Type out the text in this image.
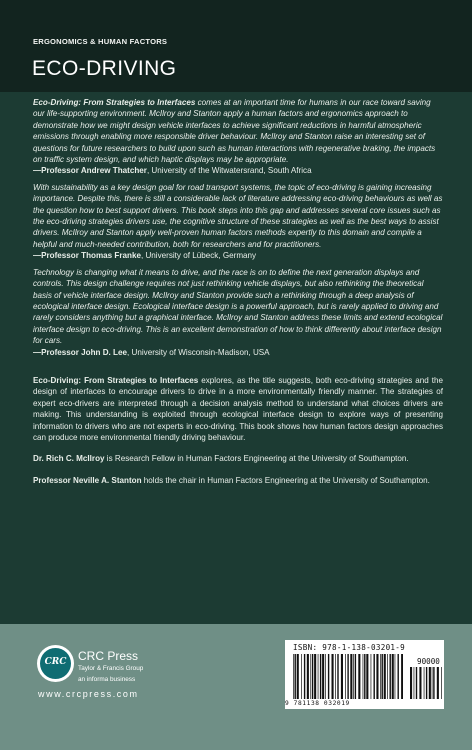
ERGONOMICS & HUMAN FACTORS
ECO-DRIVING

Eco-Driving: From Strategies to Interfaces comes at an important time for humans in our race toward saving our life-supporting environment. McIlroy and Stanton apply a human factors and ergonomics approach to demonstrate how we might design vehicle interfaces to achieve significant reductions in harmful atmospheric emissions through enabling more responsible driver behaviour. McIlroy and Stanton raise an interesting set of questions for future researchers to build upon such as human interactions with regenerative braking, the impacts on traffic system design, and which haptic displays may be appropriate.

—Professor Andrew Thatcher, University of the Witwatersrand, South Africa

With sustainability as a key design goal for road transport systems, the topic of eco-driving is gaining increasing importance. Despite this, there is still a considerable lack of literature addressing eco-driving behaviours as well as the question how to best support drivers. This book steps into this gap and addresses several core issues such as the eco-driving strategies drivers use, the cognitive structure of these strategies as well as the best ways to assist drivers. McIlroy and Stanton apply well-proven human factors methods expertly to this domain and compile a helpful and much-needed contribution, both for researchers and for practitioners.

—Professor Thomas Franke, University of Lübeck, Germany

Technology is changing what it means to drive, and the race is on to define the next generation displays and controls. This design challenge requires not just rethinking vehicle displays, but also rethinking the theoretical basis of vehicle interface design. McIlroy and Stanton provide such a rethinking through a deep analysis of ecological interface design. Ecological interface design is a powerful approach, but is rarely applied to driving and rarely considers anything but a graphical interface. McIlroy and Stanton address these limits and extend ecological interface design to eco-driving. This is an excellent demonstration of how to think differently about interface design for cars.

—Professor John D. Lee, University of Wisconsin-Madison, USA

Eco-Driving: From Strategies to Interfaces explores, as the title suggests, both eco-driving strategies and the design of interfaces to encourage drivers to drive in a more environmentally friendly manner. The strategies of expert eco-drivers are interpreted through a decision analysis method to understand what choices drivers are making. This understanding is exploited through ecological interface design to explore ways of presenting information to drivers who are not experts in eco-driving. This book shows how human factors design approaches can produce more environmental friendly driving behaviour.

Dr. Rich C. McIlroy is Research Fellow in Human Factors Engineering at the University of Southampton.

Professor Neville A. Stanton holds the chair in Human Factors Engineering at the University of Southampton.

CRC CRC Press
Taylor & Francis Group
an informa business
www.crcpress.com
ISBN: 978-1-138-03201-9
90000
9 781138 032019
